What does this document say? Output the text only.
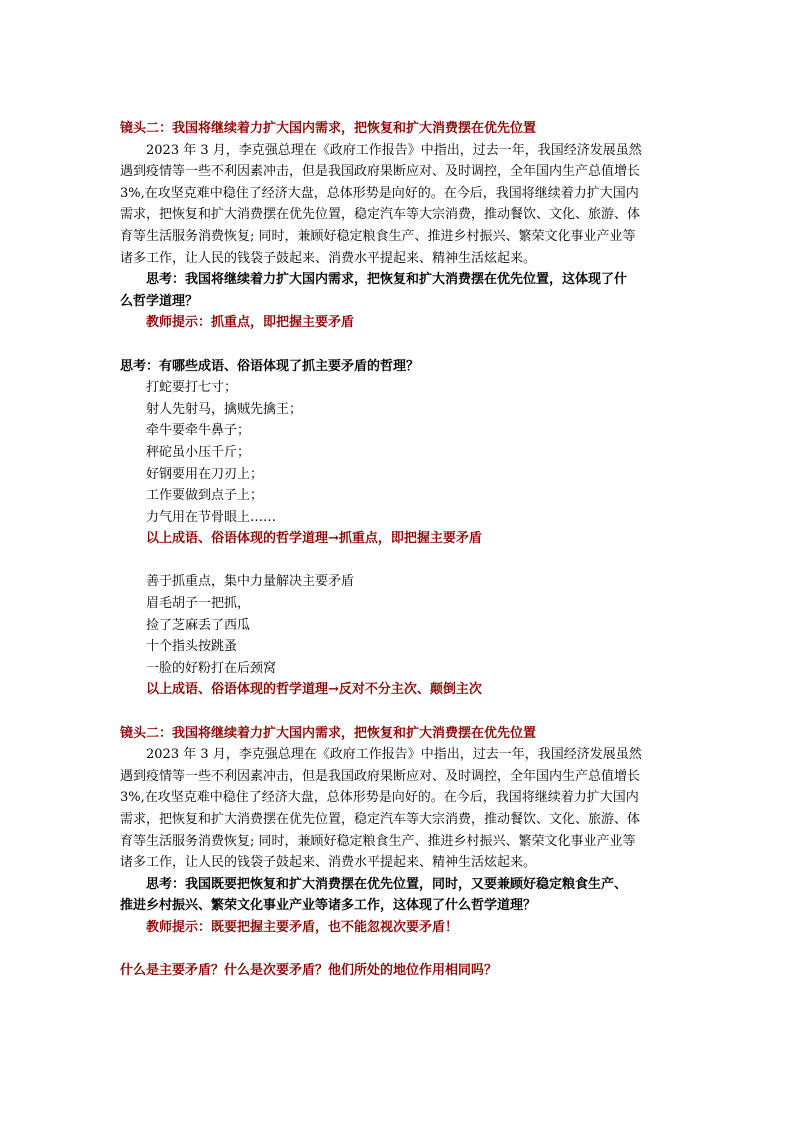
镜头二：我国将继续着力扩大国内需求，把恢复和扩大消费摆在优先位置

2023 年 3 月，李克强总理在《政府工作报告》中指出，过去一年，我国经济发展虽然

遇到疫情等一些不利因素冲击，但是我国政府果断应对、及时调控，全年国内生产总值增长

3%,在攻坚克难中稳住了经济大盘，总体形势是向好的。在今后，我国将继续着力扩大国内

需求，把恢复和扩大消费摆在优先位置，稳定汽车等大宗消费，推动餐饮、文化、旅游、体

育等生活服务消费恢复; 同时，兼顾好稳定粮食生产、推进乡村振兴、繁荣文化事业产业等

诸多工作，让人民的钱袋子鼓起来、消费水平提起来、精神生活炫起来。

思考：我国将继续着力扩大国内需求，把恢复和扩大消费摆在优先位置，这体现了什

么哲学道理？

教师提示：抓重点，即把握主要矛盾

思考：有哪些成语、俗语体现了抓主要矛盾的哲理？

打蛇要打七寸；

射人先射马，擒贼先擒王；

牵牛要牵牛鼻子；

秤砣虽小压千斤；

好钢要用在刀刃上；

工作要做到点子上；

力气用在节骨眼上……

以上成语、俗语体现的哲学道理→抓重点，即把握主要矛盾

善于抓重点，集中力量解决主要矛盾

眉毛胡子一把抓，

捡了芝麻丢了西瓜

十个指头按跳蚤

一脸的好粉打在后颈窝

以上成语、俗语体现的哲学道理→反对不分主次、颠倒主次

镜头二：我国将继续着力扩大国内需求，把恢复和扩大消费摆在优先位置

2023 年 3 月，李克强总理在《政府工作报告》中指出，过去一年，我国经济发展虽然

遇到疫情等一些不利因素冲击，但是我国政府果断应对、及时调控，全年国内生产总值增长

3%,在攻坚克难中稳住了经济大盘，总体形势是向好的。在今后，我国将继续着力扩大国内

需求，把恢复和扩大消费摆在优先位置，稳定汽车等大宗消费，推动餐饮、文化、旅游、体

育等生活服务消费恢复; 同时，兼顾好稳定粮食生产、推进乡村振兴、繁荣文化事业产业等

诸多工作，让人民的钱袋子鼓起来、消费水平提起来、精神生活炫起来。

思考：我国既要把恢复和扩大消费摆在优先位置，同时，又要兼顾好稳定粮食生产、

推进乡村振兴、繁荣文化事业产业等诸多工作，这体现了什么哲学道理？

教师提示：既要把握主要矛盾，也不能忽视次要矛盾！

什么是主要矛盾？什么是次要矛盾？他们所处的地位作用相同吗？
